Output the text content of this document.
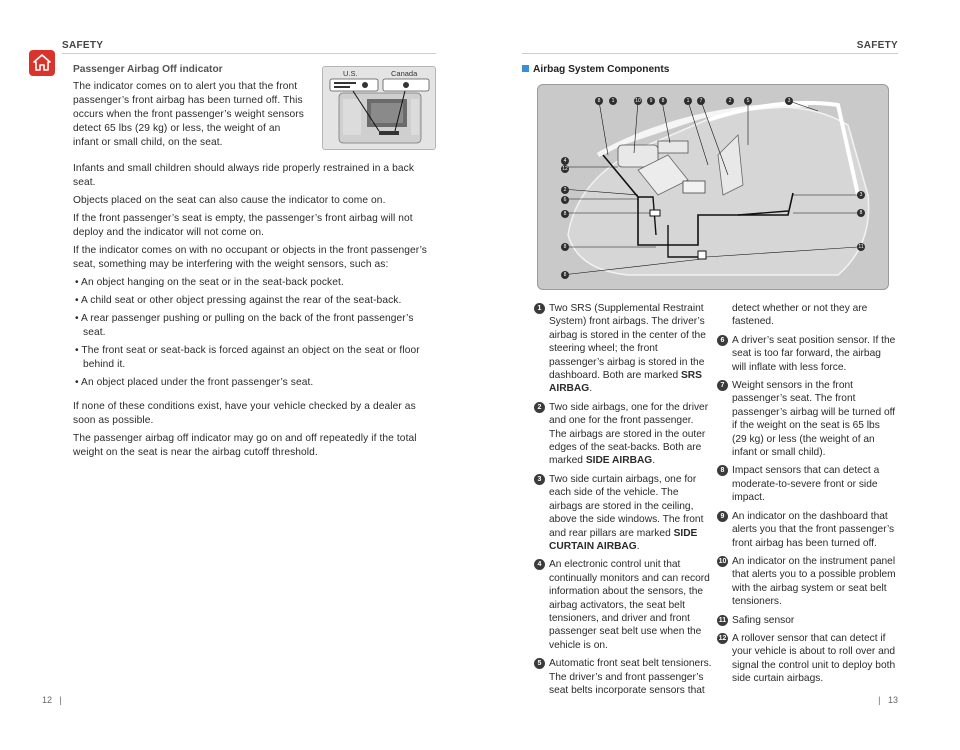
SAFETY	SAFETY
Passenger Airbag Off indicator
The indicator comes on to alert you that the front passenger’s front airbag has been turned off. This occurs when the front passenger’s weight sensors detect 65 lbs (29 kg) or less, the weight of an infant or small child, on the seat.
U.S.	Canada
Infants and small children should always ride properly restrained in a back seat.
Objects placed on the seat can also cause the indicator to come on.
If the front passenger’s seat is empty, the passenger’s front airbag will not deploy and the indicator will not come on.
If the indicator comes on with no occupant or objects in the front passenger’s seat, something may be interfering with the weight sensors, such as:
• An object hanging on the seat or in the seat-back pocket.
• A child seat or other object pressing against the rear of the seat-back.
• A rear passenger pushing or pulling on the back of the front passenger’s seat.
• The front seat or seat-back is forced against an object on the seat or floor behind it.
• An object placed under the front passenger’s seat.
If none of these conditions exist, have your vehicle checked by a dealer as soon as possible.
The passenger airbag off indicator may go on and off repeatedly if the total weight on the seat is near the airbag cutoff threshold.
12   |
Airbag System Components
8	1	10	9	8	1	7	2	5	3
4
12
2
6
8
8
8
3
8
11
1 Two SRS (Supplemental Restraint System) front airbags. The driver’s airbag is stored in the center of the steering wheel; the front passenger’s airbag is stored in the dashboard. Both are marked SRS AIRBAG.
2 Two side airbags, one for the driver and one for the front passenger. The airbags are stored in the outer edges of the seat-backs. Both are marked SIDE AIRBAG.
3 Two side curtain airbags, one for each side of the vehicle. The airbags are stored in the ceiling, above the side windows. The front and rear pillars are marked SIDE CURTAIN AIRBAG.
4 An electronic control unit that continually monitors and can record information about the sensors, the airbag activators, the seat belt tensioners, and driver and front passenger seat belt use when the vehicle is on.
5 Automatic front seat belt tensioners. The driver’s and front passenger’s seat belts incorporate sensors that
detect whether or not they are fastened.
6 A driver’s seat position sensor. If the seat is too far forward, the airbag will inflate with less force.
7 Weight sensors in the front passenger’s seat. The front passenger’s airbag will be turned off if the weight on the seat is 65 lbs (29 kg) or less (the weight of an infant or small child).
8 Impact sensors that can detect a moderate-to-severe front or side impact.
9 An indicator on the dashboard that alerts you that the front passenger’s front airbag has been turned off.
10 An indicator on the instrument panel that alerts you to a possible problem with the airbag system or seat belt tensioners.
11 Safing sensor
12 A rollover sensor that can detect if your vehicle is about to roll over and signal the control unit to deploy both side curtain airbags.
|   13
